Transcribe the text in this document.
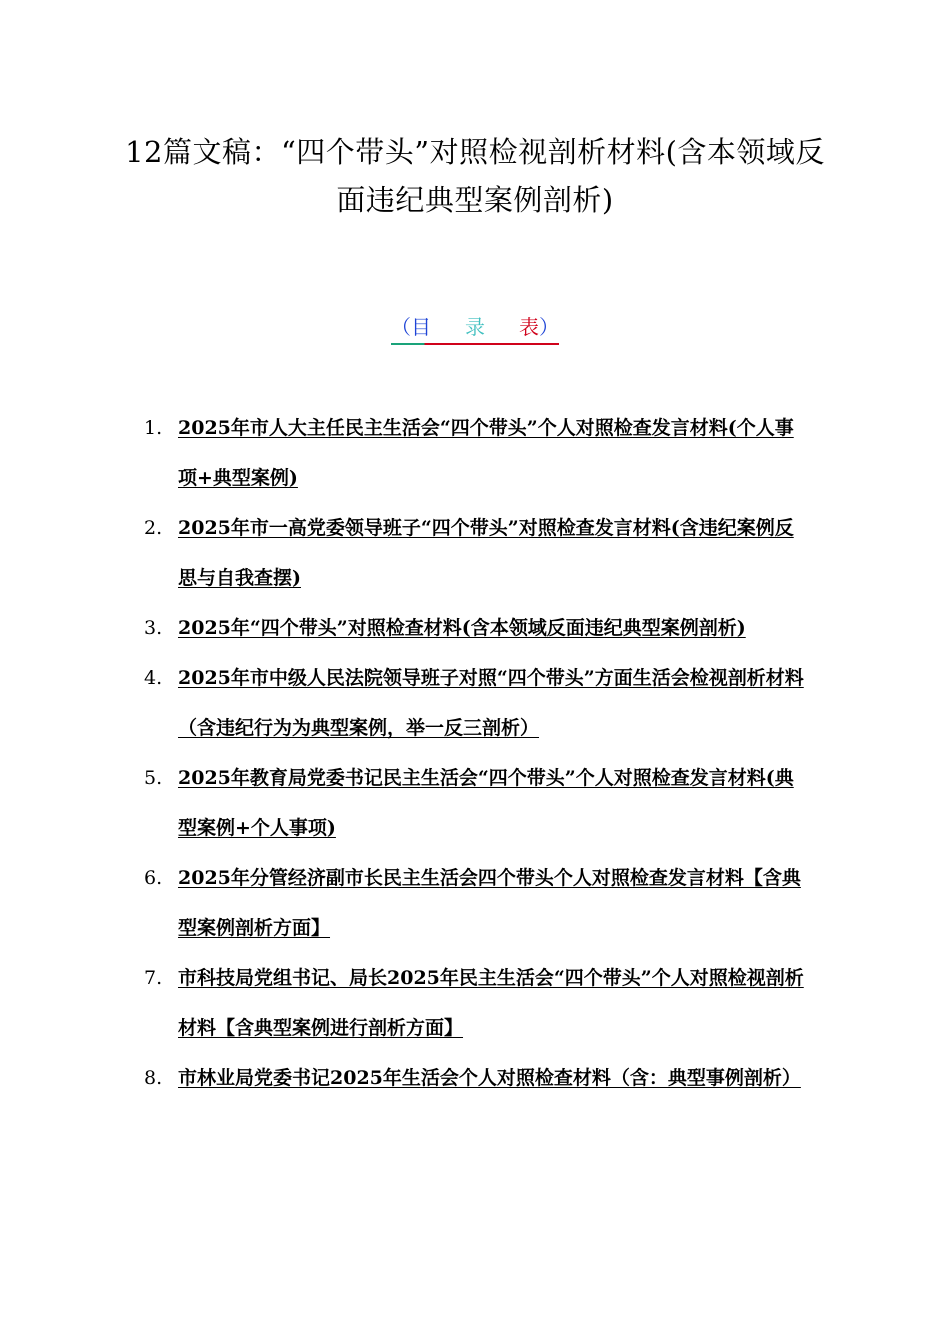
12篇文稿：“四个带头”对照检视剖析材料(含本领域反面违纪典型案例剖析)
（目 录 表）
1. 2025年市人大主任民主生活会“四个带头”个人对照检查发言材料(个人事项+典型案例)
2. 2025年市一高党委领导班子“四个带头”对照检查发言材料(含违纪案例反思与自我查摆)
3. 2025年“四个带头”对照检查材料(含本领域反面违纪典型案例剖析)
4. 2025年市中级人民法院领导班子对照“四个带头”方面生活会检视剖析材料（含违纪行为为典型案例，举一反三剖析）
5. 2025年教育局党委书记民主生活会“四个带头”个人对照检查发言材料(典型案例+个人事项)
6. 2025年分管经济副市长民主生活会四个带头个人对照检查发言材料【含典型案例剖析方面】
7. 市科技局党组书记、局长2025年民主生活会“四个带头”个人对照检视剖析材料【含典型案例进行剖析方面】
8. 市林业局党委书记2025年生活会个人对照检查材料（含：典型事例剖析）
